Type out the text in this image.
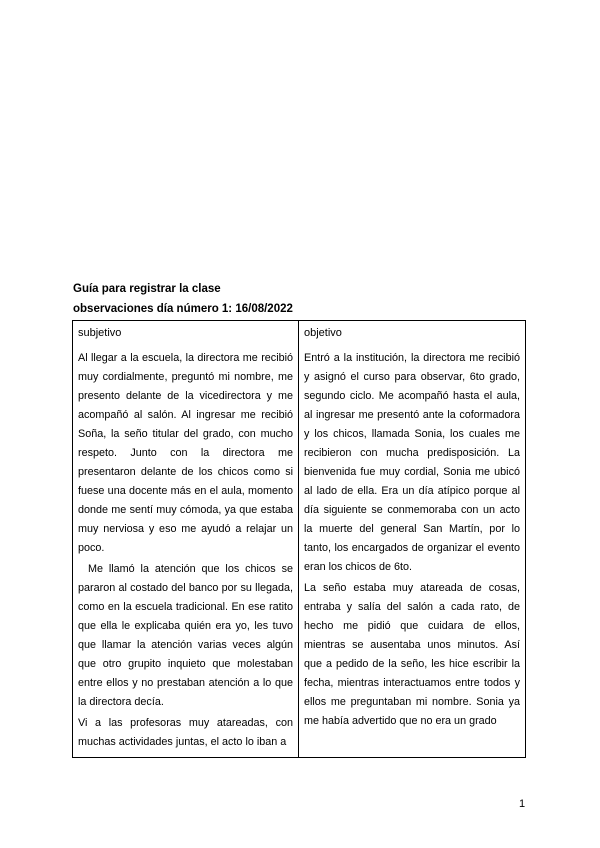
Guía para registrar la clase

observaciones día número 1: 16/08/2022

subjetivo

Al llegar a la escuela, la directora me recibió muy cordialmente, preguntó mi nombre, me presento delante de la vicedirectora y me acompañó al salón. Al ingresar me recibió Soña, la seño titular del grado, con mucho respeto. Junto con la directora me presentaron delante de los chicos como si fuese una docente más en el aula, momento donde me sentí muy cómoda, ya que estaba muy nerviosa y eso me ayudó a relajar un poco.

Me llamó la atención que los chicos se pararon al costado del banco por su llegada, como en la escuela tradicional. En ese ratito que ella le explicaba quién era yo, les tuvo que llamar la atención varias veces algún que otro grupito inquieto que molestaban entre ellos y no prestaban atención a lo que la directora decía.

Vi a las profesoras muy atareadas, con muchas actividades juntas, el acto lo iban a

objetivo

Entró a la institución, la directora me recibió y asignó el curso para observar, 6to grado, segundo ciclo. Me acompañó hasta el aula, al ingresar me presentó ante la coformadora y los chicos, llamada Sonia, los cuales me recibieron con mucha predisposición. La bienvenida fue muy cordial, Sonia me ubicó al lado de ella. Era un día atípico porque al día siguiente se conmemoraba con un acto la muerte del general San Martín, por lo tanto, los encargados de organizar el evento eran los chicos de 6to.

La seño estaba muy atareada de cosas, entraba y salía del salón a cada rato, de hecho me pidió que cuidara de ellos, mientras se ausentaba unos minutos. Así que a pedido de la seño, les hice escribir la fecha, mientras interactuamos entre todos y ellos me preguntaban mi nombre. Sonia ya me había advertido que no era un grado

1
